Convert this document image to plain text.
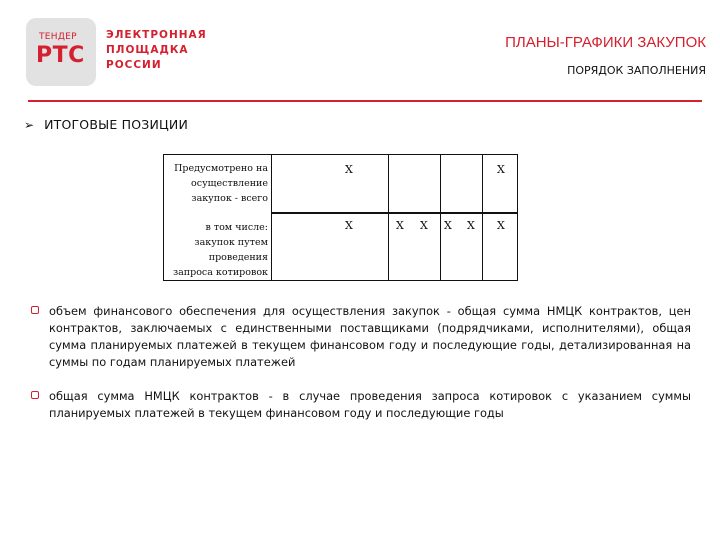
ТЕНДЕР
РТС
ЭЛЕКТРОННАЯ
ПЛОЩАДКА
РОССИИ
ПЛАНЫ-ГРАФИКИ ЗАКУПОК
ПОРЯДОК ЗАПОЛНЕНИЯ
➢ ИТОГОВЫЕ ПОЗИЦИИ
Предусмотрено на
осуществление
закупок - всего
в том числе:
закупок путем
проведения
запроса котировок
X	X
X	X X X X X
объем финансового обеспечения для осуществления закупок - общая сумма НМЦК контрактов, цен контрактов, заключаемых с единственными поставщиками (подрядчиками, исполнителями), общая сумма планируемых платежей в текущем финансовом году и последующие годы, детализированная на суммы по годам планируемых платежей
общая сумма НМЦК контрактов - в случае проведения запроса котировок с указанием суммы планируемых платежей в текущем финансовом году и последующие годы
